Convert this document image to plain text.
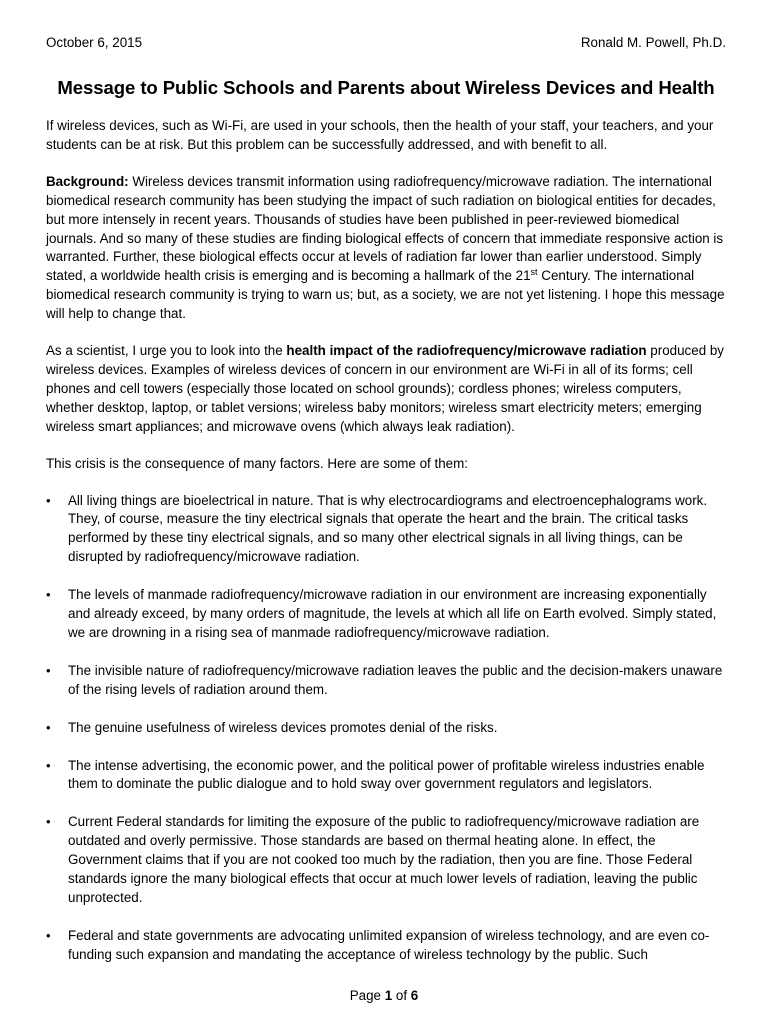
October 6, 2015	Ronald M. Powell, Ph.D.
Message to Public Schools and Parents about Wireless Devices and Health

If wireless devices, such as Wi-Fi, are used in your schools, then the health of your staff, your teachers, and your students can be at risk. But this problem can be successfully addressed, and with benefit to all.

Background: Wireless devices transmit information using radiofrequency/microwave radiation. The international biomedical research community has been studying the impact of such radiation on biological entities for decades, but more intensely in recent years. Thousands of studies have been published in peer-reviewed biomedical journals. And so many of these studies are finding biological effects of concern that immediate responsive action is warranted. Further, these biological effects occur at levels of radiation far lower than earlier understood. Simply stated, a worldwide health crisis is emerging and is becoming a hallmark of the 21st Century. The international biomedical research community is trying to warn us; but, as a society, we are not yet listening. I hope this message will help to change that.

As a scientist, I urge you to look into the health impact of the radiofrequency/microwave radiation produced by wireless devices. Examples of wireless devices of concern in our environment are Wi-Fi in all of its forms; cell phones and cell towers (especially those located on school grounds); cordless phones; wireless computers, whether desktop, laptop, or tablet versions; wireless baby monitors; wireless smart electricity meters; emerging wireless smart appliances; and microwave ovens (which always leak radiation).

This crisis is the consequence of many factors. Here are some of them:

• All living things are bioelectrical in nature. That is why electrocardiograms and electroencephalograms work. They, of course, measure the tiny electrical signals that operate the heart and the brain. The critical tasks performed by these tiny electrical signals, and so many other electrical signals in all living things, can be disrupted by radiofrequency/microwave radiation.
• The levels of manmade radiofrequency/microwave radiation in our environment are increasing exponentially and already exceed, by many orders of magnitude, the levels at which all life on Earth evolved. Simply stated, we are drowning in a rising sea of manmade radiofrequency/microwave radiation.
• The invisible nature of radiofrequency/microwave radiation leaves the public and the decision-makers unaware of the rising levels of radiation around them.
• The genuine usefulness of wireless devices promotes denial of the risks.
• The intense advertising, the economic power, and the political power of profitable wireless industries enable them to dominate the public dialogue and to hold sway over government regulators and legislators.
• Current Federal standards for limiting the exposure of the public to radiofrequency/microwave radiation are outdated and overly permissive. Those standards are based on thermal heating alone. In effect, the Government claims that if you are not cooked too much by the radiation, then you are fine. Those Federal standards ignore the many biological effects that occur at much lower levels of radiation, leaving the public unprotected.
• Federal and state governments are advocating unlimited expansion of wireless technology, and are even co-funding such expansion and mandating the acceptance of wireless technology by the public. Such
Page 1 of 6
